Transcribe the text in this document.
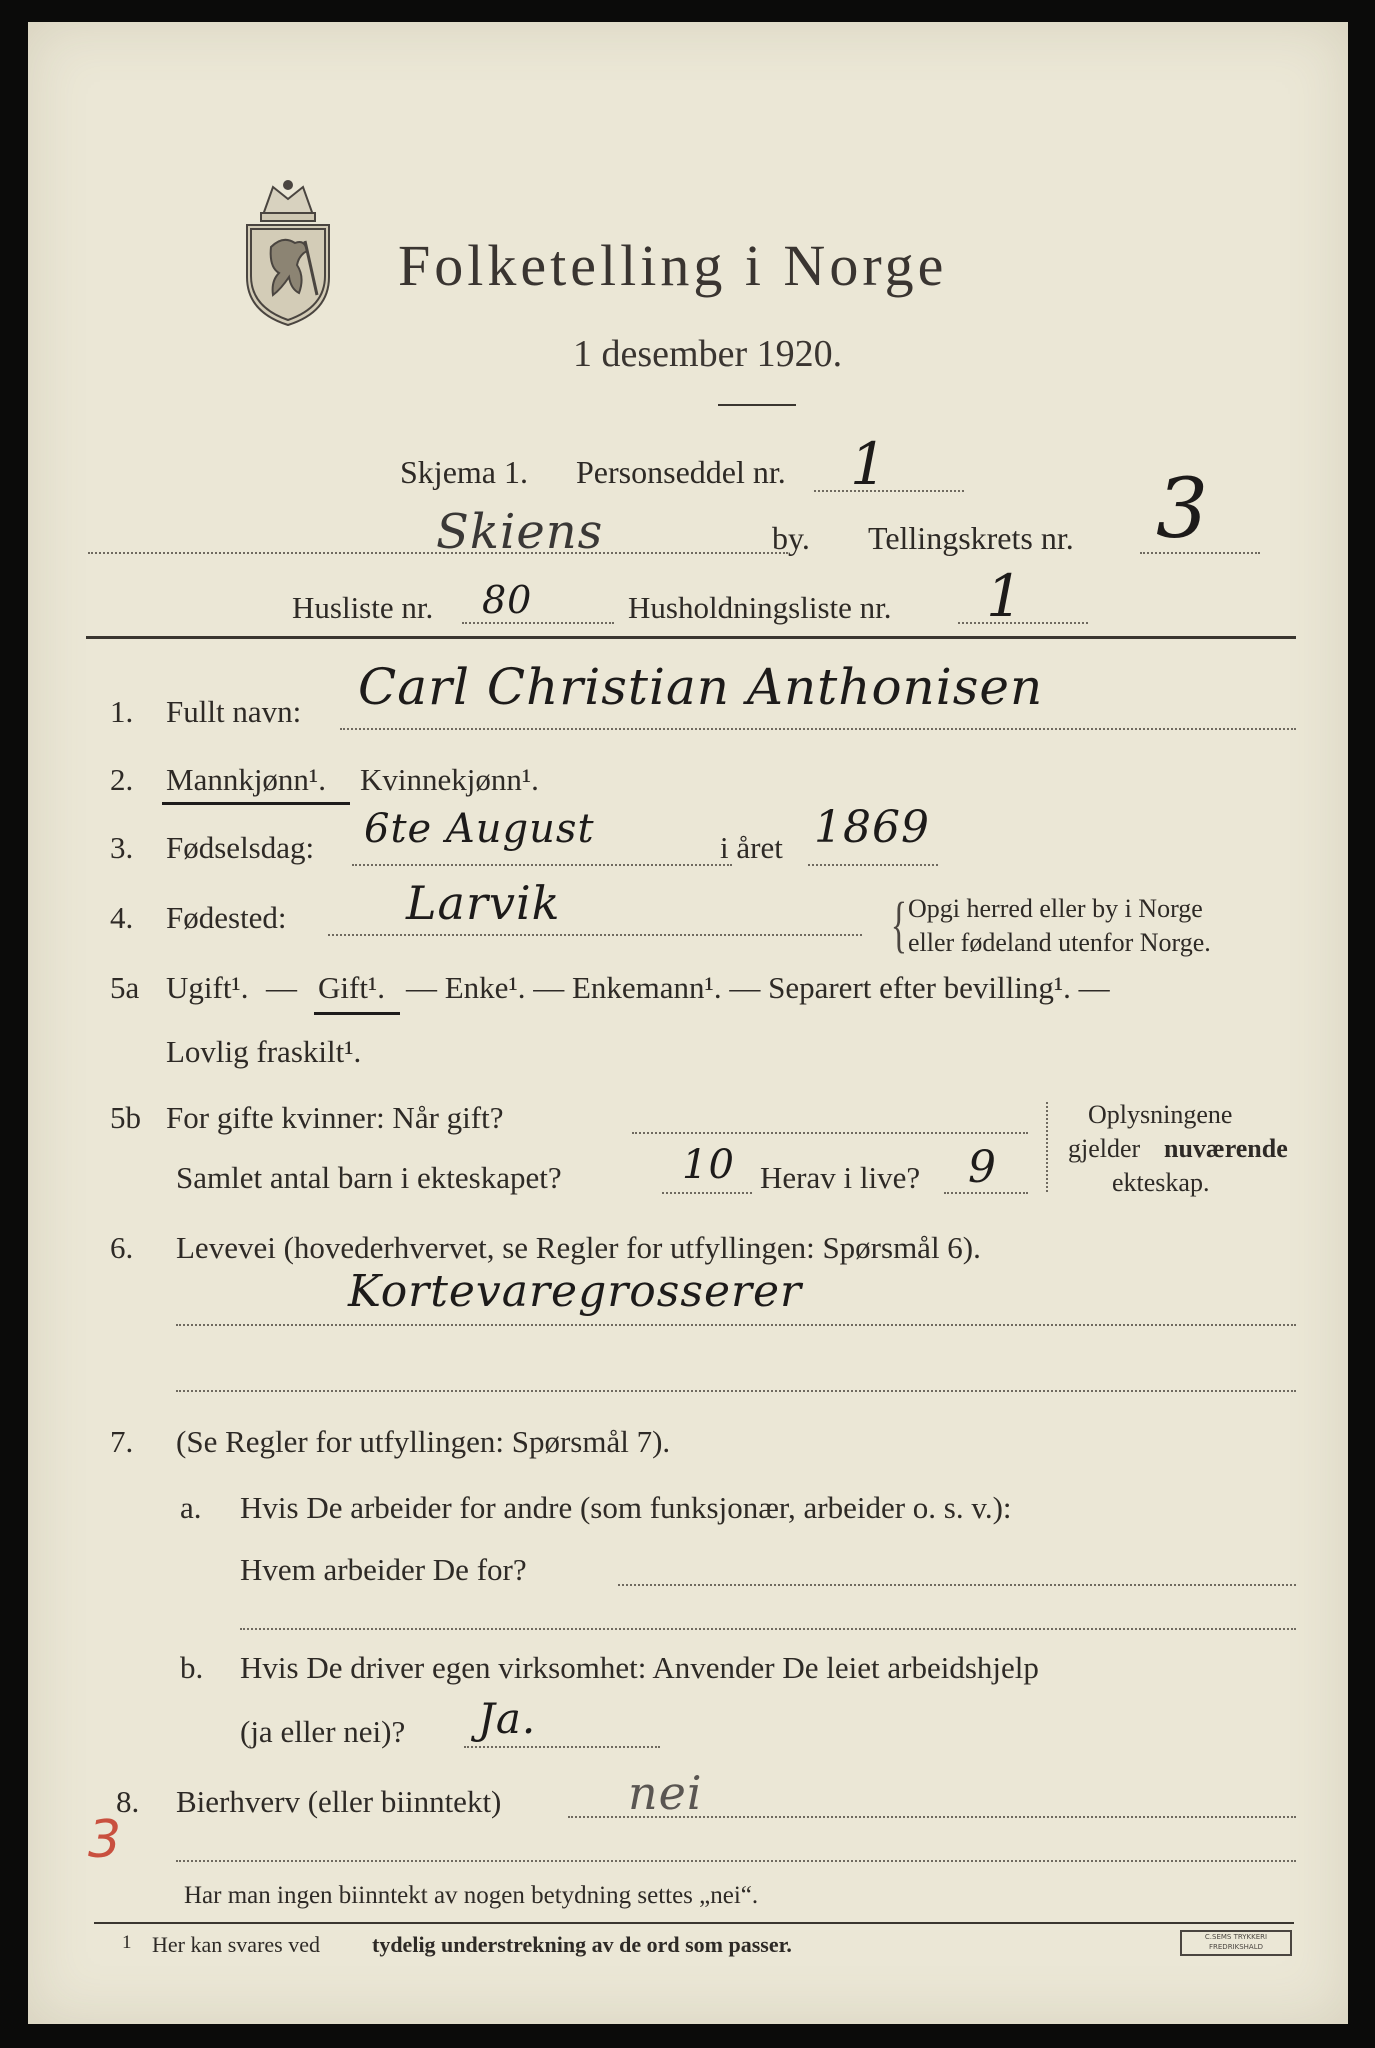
Folketelling i Norge
1 desember 1920.
Skjema 1. Personseddel nr. 1
Skiens	by. Tellingskrets nr. 3
Husliste nr. 80	Husholdningsliste nr. 1
1. Fullt navn: Carl Christian Anthonisen
2. Mannkjønn¹. Kvinnekjønn¹.
3. Fødselsdag: 6te August	i året 1869
4. Fødested:	Larvik	{ Opgi herred eller by i Norge
eller fødeland utenfor Norge.
5a Ugift¹. — Gift¹. — Enke¹. — Enkemann¹. — Separert efter bevilling¹. —
Lovlig fraskilt¹.
5b For gifte kvinner: Når gift?
Samlet antal barn i ekteskapet?	10 Herav i live? 9
Oplysningene
gjelder nuværende
ekteskap.
6. Levevei (hovederhvervet, se Regler for utfyllingen: Spørsmål 6).
Kortevaregrosserer
7. (Se Regler for utfyllingen: Spørsmål 7).
a. Hvis De arbeider for andre (som funksjonær, arbeider o. s. v.):
Hvem arbeider De for?
b. Hvis De driver egen virksomhet: Anvender De leiet arbeidshjelp
(ja eller nei)? Ja.
8. Bierhverv (eller biinntekt)	nei
3
Har man ingen biinntekt av nogen betydning settes „nei“.
1 Her kan svares ved tydelig understrekning av de ord som passer.	C.SEMS TRYKKERI FREDRIKSHALD
